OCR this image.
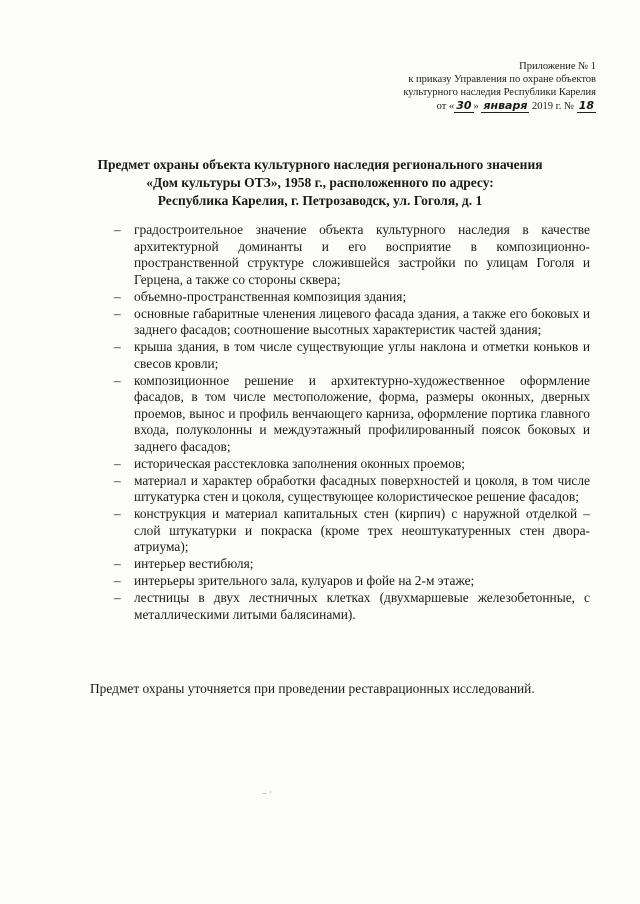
Приложение № 1
к приказу Управления по охране объектов
культурного наследия Республики Карелия
от « 30 » января 2019 г. № 18
Предмет охраны объекта культурного наследия регионального значения
«Дом культуры ОТЗ», 1958 г., расположенного по адресу:
Республика Карелия, г. Петрозаводск, ул. Гоголя, д. 1
– градостроительное значение объекта культурного наследия в качестве архитектурной доминанты и его восприятие в композиционно-пространственной структуре сложившейся застройки по улицам Гоголя и Герцена, а также со стороны сквера;
– объемно-пространственная композиция здания;
– основные габаритные членения лицевого фасада здания, а также его боковых и заднего фасадов; соотношение высотных характеристик частей здания;
– крыша здания, в том числе существующие углы наклона и отметки коньков и свесов кровли;
– композиционное решение и архитектурно-художественное оформление фасадов, в том числе местоположение, форма, размеры оконных, дверных проемов, вынос и профиль венчающего карниза, оформление портика главного входа, полуколонны и междуэтажный профилированный поясок боковых и заднего фасадов;
– историческая расстекловка заполнения оконных проемов;
– материал и характер обработки фасадных поверхностей и цоколя, в том числе штукатурка стен и цоколя, существующее колористическое решение фасадов;
– конструкция и материал капитальных стен (кирпич) с наружной отделкой – слой штукатурки и покраска (кроме трех неоштукатуренных стен двора-атриума);
– интерьер вестибюля;
– интерьеры зрительного зала, кулуаров и фойе на 2-м этаже;
– лестницы в двух лестничных клетках (двухмаршевые железобетонные, с металлическими литыми балясинами).
Предмет охраны уточняется при проведении реставрационных исследований.
⁻ ˙
